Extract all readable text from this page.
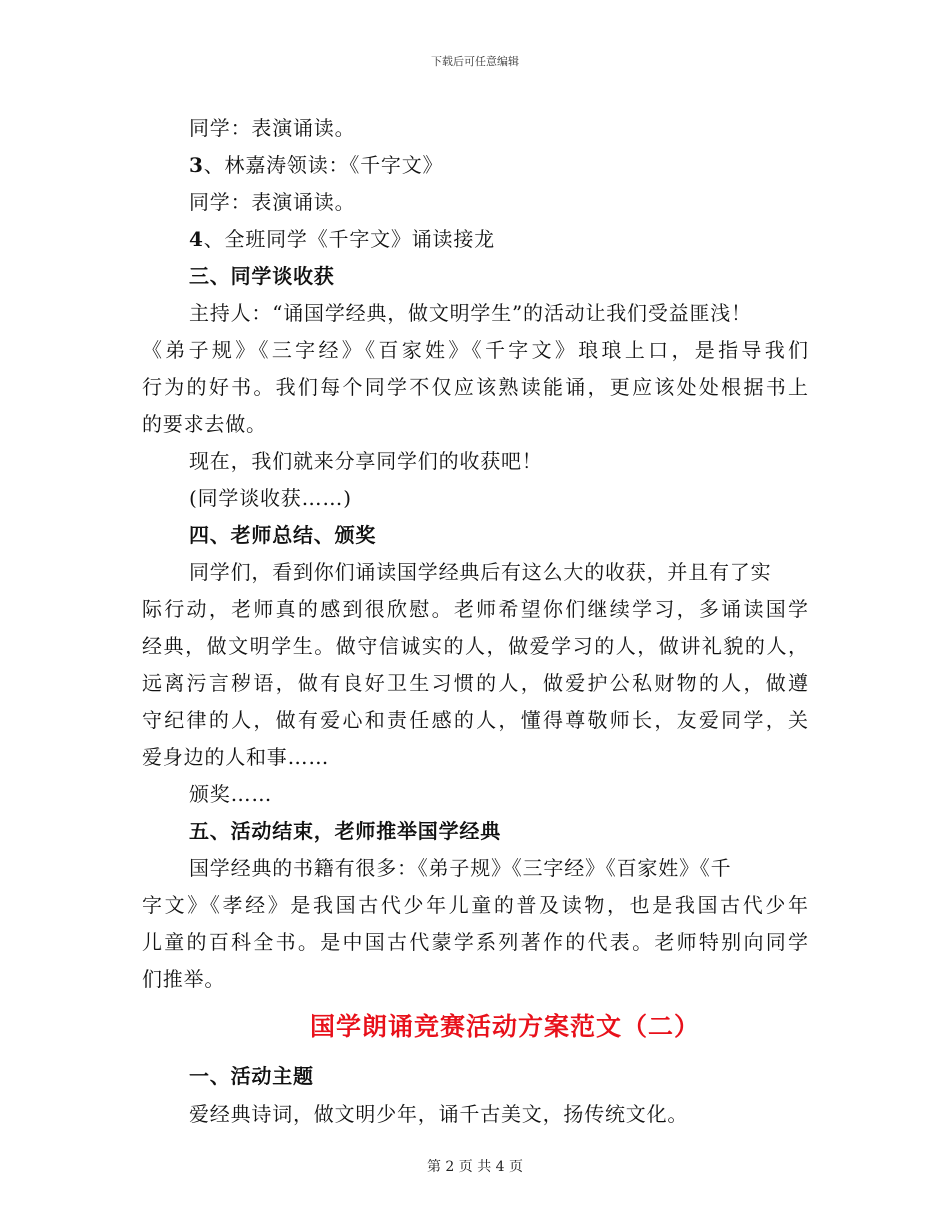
下载后可任意编辑
同学：表演诵读。
3、林嘉涛领读：《千字文》
同学：表演诵读。
4、全班同学《千字文》诵读接龙
三、同学谈收获
主持人：“诵国学经典，做文明学生”的活动让我们受益匪浅！
《弟子规》《三字经》《百家姓》《千字文》琅琅上口，是指导我们
行为的好书。我们每个同学不仅应该熟读能诵，更应该处处根据书上
的要求去做。
现在，我们就来分享同学们的收获吧！
(同学谈收获……)
四、老师总结、颁奖
同学们，看到你们诵读国学经典后有这么大的收获，并且有了实
际行动，老师真的感到很欣慰。老师希望你们继续学习，多诵读国学
经典，做文明学生。做守信诚实的人，做爱学习的人，做讲礼貌的人，
远离污言秽语，做有良好卫生习惯的人，做爱护公私财物的人，做遵
守纪律的人，做有爱心和责任感的人，懂得尊敬师长，友爱同学，关
爱身边的人和事……
颁奖……
五、活动结束，老师推举国学经典
国学经典的书籍有很多：《弟子规》《三字经》《百家姓》《千
字文》《孝经》是我国古代少年儿童的普及读物，也是我国古代少年
儿童的百科全书。是中国古代蒙学系列著作的代表。老师特别向同学
们推举。
国学朗诵竞赛活动方案范文（二）
一、活动主题
爱经典诗词，做文明少年，诵千古美文，扬传统文化。
第 2 页 共 4 页
